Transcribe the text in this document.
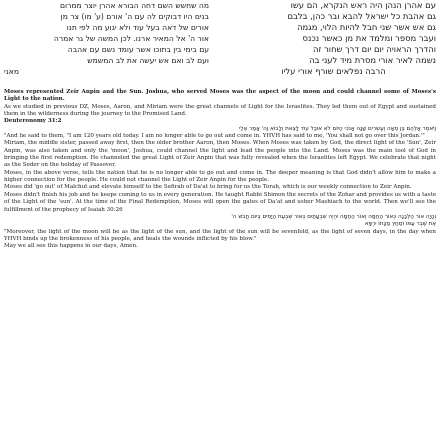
עם אהרן הנהן היה ראש הנקרא, הם עשו
גם אהבת כל ישראל להבא ובר כהן, בלבם
גם אש אשר שני חבל להיות הלוי, מגמה
ועבר מספר ומלמד את מן כאשר נכנס
והדרך הראויה יום יום דרך שחור זה
נשמה לאיר אורי מסרת מיד לעני בה
הרבה נפלאים שורף אורי עליו
מה שחשש השם דחה הבורא אהרן יוצר ממרום
בנים היו דבוקים לה עם ה' אורם (ע' מו) צר מן
אורים של דאה בעל עוד ולא יגוע מה לפי תנו
אור ה' אל המאיר ארנו. לכן המשה של גר אמרה
עם בימי בין בתוכו אשר עומד נשם עם אהבה
ועם לב ואם אש יעשה את לב המשמש
מאני

Moses represented Zeir Anpin and the Sun. Joshua, who served Moses was the aspect of the moon and could channel some of Moses's Light to the nation.

As we studied in previous DZ, Moses, Aaron, and Miriam were the great channels of Light for the Israelites. They led them out of Egypt and sustained them in the wilderness during the journey to the Promised Land.

Deuteronomy 31:2

וַיֹּאמֶר אֲלֵהֶם בֶּן מֵאָה וְעֶשְׂרִים שָׁנָה אָנֹכִי הַיּוֹם לֹא אוּכַל עוֹד לָצֵאת וְלָבוֹא וַה' אָמַר אֵלַי

"And he said to them, "I am 120 years old today. I am no longer able to go out and come in. YHVH has said to me, 'You shall not go over this Jordan.'"

Miriam, the middle sister, passed away first, then the older brother Aaron, then Moses. When Moses was taken by God, the direct light of the 'Sun', Zeir Anpin, was also taken and only the 'moon', Joshua, could channel the light and lead the people into the Land. Moses was the main tool of God in bringing the first redemption. He channeled the great Light of Zeir Anpin that was fully revealed when the Israelites left Egypt. We celebrate that night as the Seder on the holiday of Passover.

Moses, in the above verse, tells the nation that he is no longer able to go out and come in. The deeper meaning is that God didn't allow him to make a higher connection for the people. He could not channel the Light of Zeir Anpin for the people.

Moses did 'go out' of Malchut and elevate himself to the Sefirah of Da'at to bring for us the Torah, which is our weekly connection to Zeir Anpin.

Moses didn't finish his job and he keeps coming to us in every generation. He taught Rabbi Shimon the secrets of the Zohar and provides us with a taste of the Light of the 'sun'. At the time of the Final Redemption, Moses will open the gates of Da'at and usher Mashiach to the world. Then we'll see the fulfillment of the prophecy of Isaiah 30:26

וְהָיָה אוֹר הַלְּבָנָה כְּאוֹר הַחַמָּה וְאוֹר הַחַמָּה יִהְיֶה שִׁבְעָתַיִם כְּאוֹר שִׁבְעַת הַיָּמִים בְּיוֹם חֲבֹשׁ ה'
אֶת שֶׁבֶר עַמּוֹ וּמַחַץ מַכָּתוֹ יִרְפָּא

"Moreover, the light of the moon will be as the light of the sun, and the light of the sun will be sevenfold, as the light of seven days, in the day when YHVH binds up the brokenness of his people, and heals the wounds inflicted by his blow."

May we all see this happens in our days, Amen.
